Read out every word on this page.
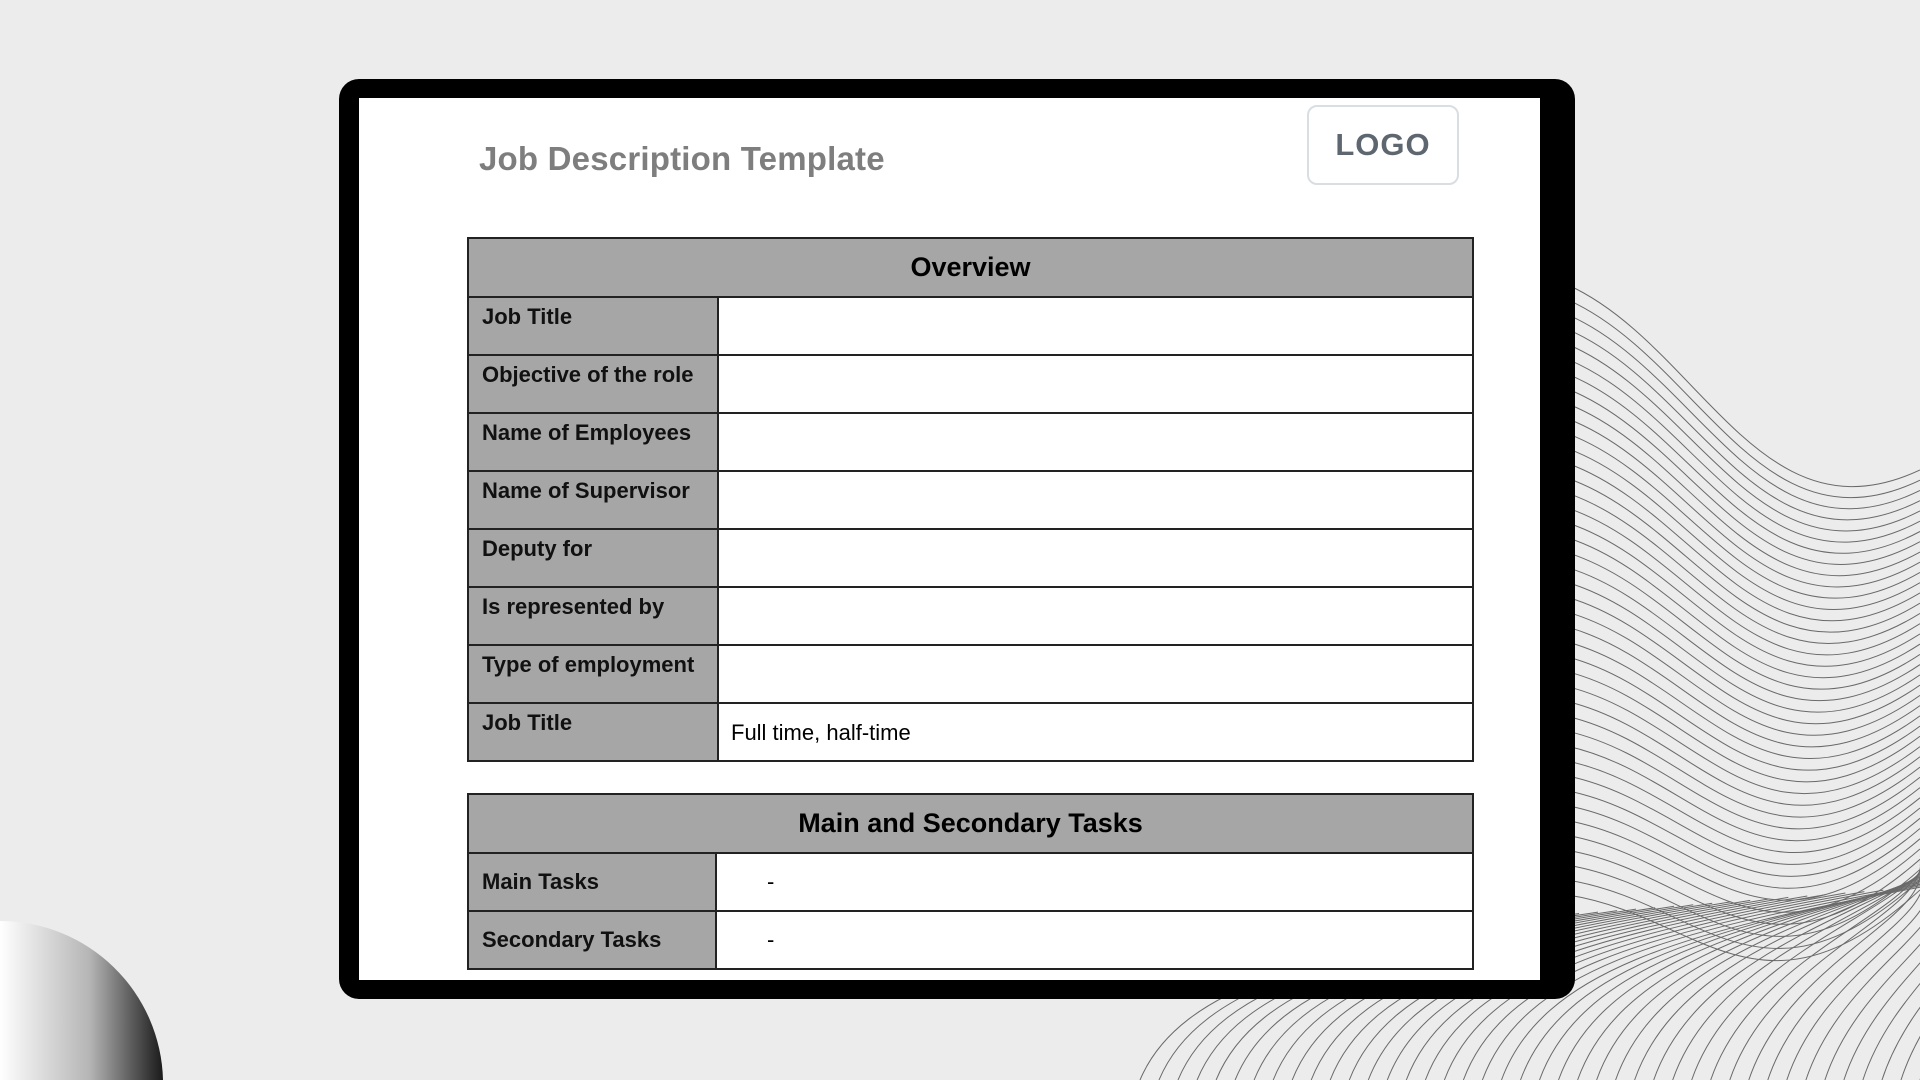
Job Description Template	LOGO
Overview	
Job Title	
Objective of the role	
Name of Employees	
Name of Supervisor	
Deputy for	
Is represented by	
Type of employment	
Job Title	Full time, half-time
Main and Secondary Tasks	
Main Tasks	-
Secondary Tasks	-
